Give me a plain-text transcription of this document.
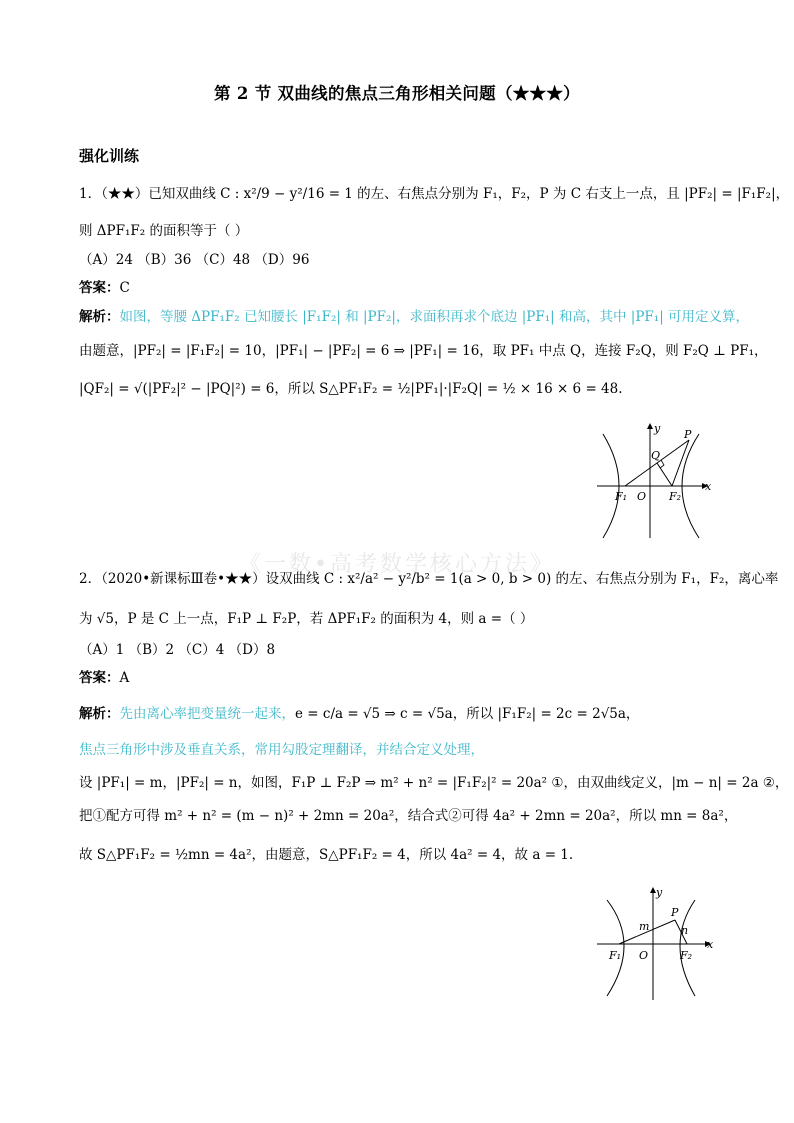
第 2 节 双曲线的焦点三角形相关问题（★★★）
强化训练
1．（★★）已知双曲线 C : x²/9 − y²/16 = 1 的左、右焦点分别为 F₁，F₂，P 为 C 右支上一点，且 |PF₂| = |F₁F₂|，
则 ΔPF₁F₂ 的面积等于（ ）
（A）24 （B）36 （C）48 （D）96
答案：C
解析：如图，等腰 ΔPF₁F₂ 已知腰长 |F₁F₂| 和 |PF₂|，求面积再求个底边 |PF₁| 和高，其中 |PF₁| 可用定义算，
由题意，|PF₂| = |F₁F₂| = 10，|PF₁| − |PF₂| = 6 ⇒ |PF₁| = 16，取 PF₁ 中点 Q，连接 F₂Q，则 F₂Q ⊥ PF₁，
|QF₂| = √(|PF₂|² − |PQ|²) = 6，所以 S△PF₁F₂ = ½|PF₁|·|F₂Q| = ½ × 16 × 6 = 48.
y
x
P
Q
F₁ O F₂
《一数•高考数学核心方法》
2．（2020•新课标Ⅲ卷•★★）设双曲线 C : x²/a² − y²/b² = 1(a > 0, b > 0) 的左、右焦点分别为 F₁，F₂，离心率
为 √5，P 是 C 上一点，F₁P ⊥ F₂P，若 ΔPF₁F₂ 的面积为 4，则 a =（ ）
（A）1 （B）2 （C）4 （D）8
答案：A
解析：先由离心率把变量统一起来，e = c/a = √5 ⇒ c = √5a，所以 |F₁F₂| = 2c = 2√5a，
焦点三角形中涉及垂直关系，常用勾股定理翻译，并结合定义处理，
设 |PF₁| = m，|PF₂| = n，如图，F₁P ⊥ F₂P ⇒ m² + n² = |F₁F₂|² = 20a² ①，由双曲线定义，|m − n| = 2a ②，
把①配方可得 m² + n² = (m − n)² + 2mn = 20a²，结合式②可得 4a² + 2mn = 20a²，所以 mn = 8a²，
故 S△PF₁F₂ = ½mn = 4a²，由题意，S△PF₁F₂ = 4，所以 4a² = 4，故 a = 1.
y
x
P
m	n
F₁ O	F₂
